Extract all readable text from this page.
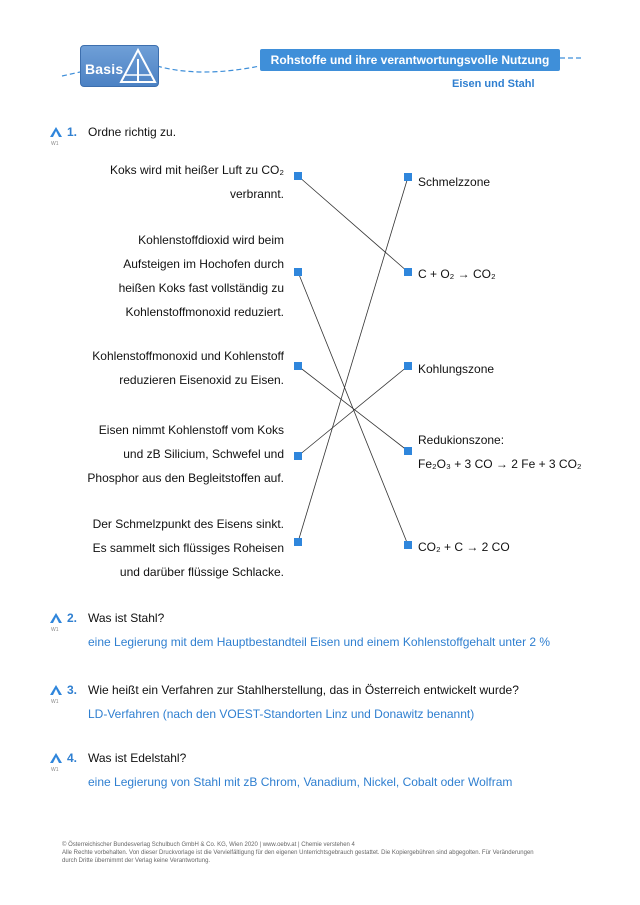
Basis
Rohstoffe und ihre verantwortungsvolle Nutzung
Eisen und Stahl
W1
1. Ordne richtig zu.
W1
2. Was ist Stahl?
eine Legierung mit dem Hauptbestandteil Eisen und einem Kohlenstoffgehalt unter 2 %
W1
3. Wie heißt ein Verfahren zur Stahlherstellung, das in Österreich entwickelt wurde?
LD-Verfahren (nach den VOEST-Standorten Linz und Donawitz benannt)
W1
4. Was ist Edelstahl?
eine Legierung von Stahl mit zB Chrom, Vanadium, Nickel, Cobalt oder Wolfram
Koks wird mit heißer Luft zu CO₂
verbrannt.
Kohlenstoffdioxid wird beim
Aufsteigen im Hochofen durch
heißen Koks fast vollständig zu
Kohlenstoffmonoxid reduziert.
Kohlenstoffmonoxid und Kohlenstoff
reduzieren Eisenoxid zu Eisen.
Eisen nimmt Kohlenstoff vom Koks
und zB Silicium, Schwefel und
Phosphor aus den Begleitstoffen auf.
Der Schmelzpunkt des Eisens sinkt.
Es sammelt sich flüssiges Roheisen
und darüber flüssige Schlacke.
Schmelzzone
C + O₂ → CO₂
Kohlungszone
Redukionszone:
Fe₂O₃ + 3 CO → 2 Fe + 3 CO₂
CO₂ + C → 2 CO
© Österreichischer Bundesverlag Schulbuch GmbH & Co. KG, Wien 2020 | www.oebv.at | Chemie verstehen 4
Alle Rechte vorbehalten. Von dieser Druckvorlage ist die Vervielfältigung für den eigenen Unterrichtsgebrauch gestattet. Die Kopiergebühren sind abgegolten. Für Veränderungen
durch Dritte übernimmt der Verlag keine Verantwortung.
